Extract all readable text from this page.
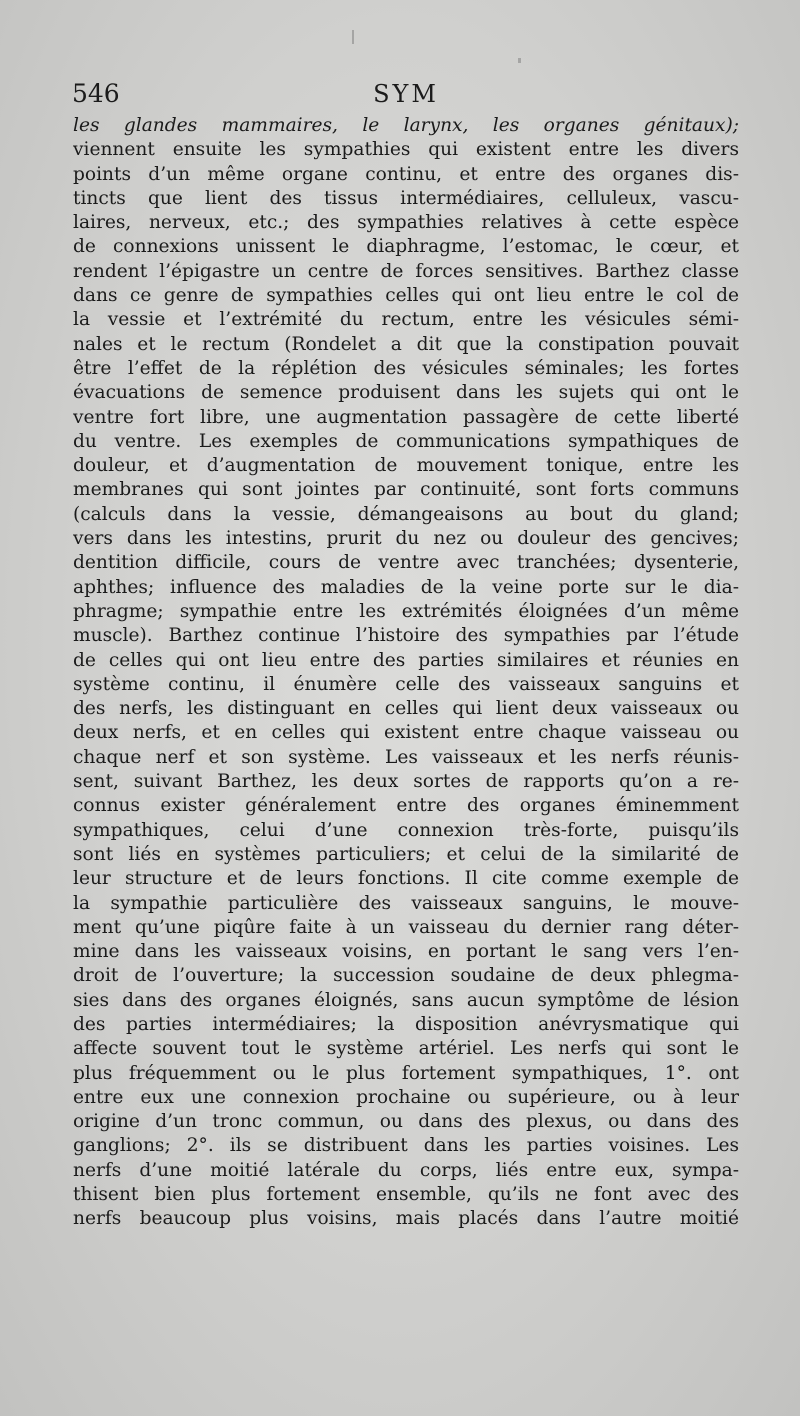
546	SYM
les glandes mammaires, le larynx, les organes génitaux);
viennent ensuite les sympathies qui existent entre les divers
points d’un même organe continu, et entre des organes dis-
tincts que lient des tissus intermédiaires, celluleux, vascu-
laires, nerveux, etc.; des sympathies relatives à cette espèce
de connexions unissent le diaphragme, l’estomac, le cœur, et
rendent l’épigastre un centre de forces sensitives. Barthez classe
dans ce genre de sympathies celles qui ont lieu entre le col de
la vessie et l’extrémité du rectum, entre les vésicules sémi-
nales et le rectum (Rondelet a dit que la constipation pouvait
être l’effet de la réplétion des vésicules séminales; les fortes
évacuations de semence produisent dans les sujets qui ont le
ventre fort libre, une augmentation passagère de cette liberté
du ventre. Les exemples de communications sympathiques de
douleur, et d’augmentation de mouvement tonique, entre les
membranes qui sont jointes par continuité, sont forts communs
(calculs dans la vessie, démangeaisons au bout du gland;
vers dans les intestins, prurit du nez ou douleur des gencives;
dentition difficile, cours de ventre avec tranchées; dysenterie,
aphthes; influence des maladies de la veine porte sur le dia-
phragme; sympathie entre les extrémités éloignées d’un même
muscle). Barthez continue l’histoire des sympathies par l’étude
de celles qui ont lieu entre des parties similaires et réunies en
système continu, il énumère celle des vaisseaux sanguins et
des nerfs, les distinguant en celles qui lient deux vaisseaux ou
deux nerfs, et en celles qui existent entre chaque vaisseau ou
chaque nerf et son système. Les vaisseaux et les nerfs réunis-
sent, suivant Barthez, les deux sortes de rapports qu’on a re-
connus exister généralement entre des organes éminemment
sympathiques, celui d’une connexion très-forte, puisqu’ils
sont liés en systèmes particuliers; et celui de la similarité de
leur structure et de leurs fonctions. Il cite comme exemple de
la sympathie particulière des vaisseaux sanguins, le mouve-
ment qu’une piqûre faite à un vaisseau du dernier rang déter-
mine dans les vaisseaux voisins, en portant le sang vers l’en-
droit de l’ouverture; la succession soudaine de deux phlegma-
sies dans des organes éloignés, sans aucun symptôme de lésion
des parties intermédiaires; la disposition anévrysmatique qui
affecte souvent tout le système artériel. Les nerfs qui sont le
plus fréquemment ou le plus fortement sympathiques, 1°. ont
entre eux une connexion prochaine ou supérieure, ou à leur
origine d’un tronc commun, ou dans des plexus, ou dans des
ganglions; 2°. ils se distribuent dans les parties voisines. Les
nerfs d’une moitié latérale du corps, liés entre eux, sympa-
thisent bien plus fortement ensemble, qu’ils ne font avec des
nerfs beaucoup plus voisins, mais placés dans l’autre moitié
